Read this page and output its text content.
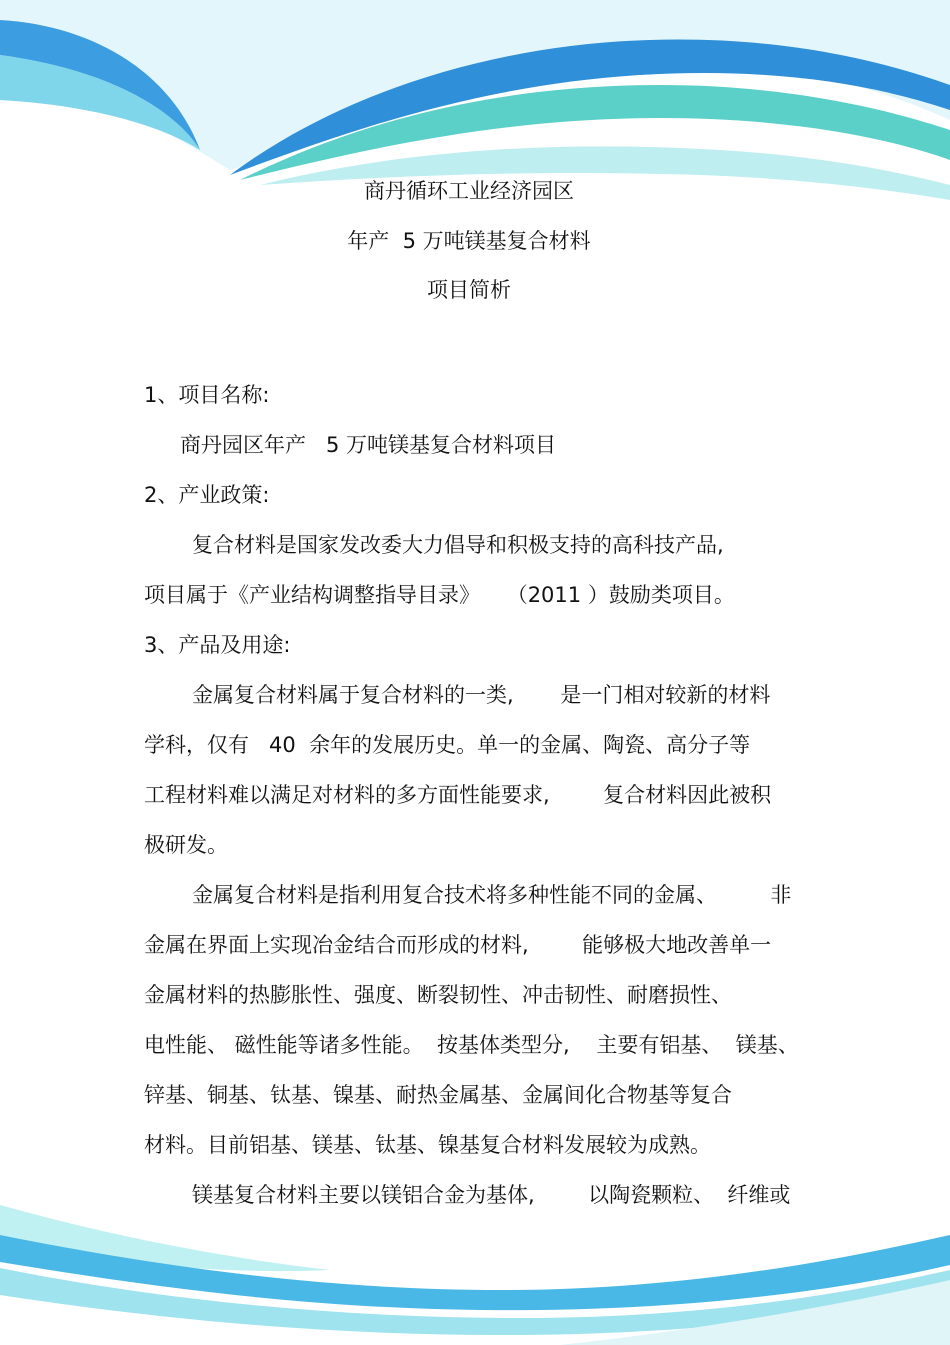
商丹循环工业经济园区
年产  5 万吨镁基复合材料
项目简析
1、项目名称:
商丹园区年产   5 万吨镁基复合材料项目
2、产业政策:
复合材料是国家发改委大力倡导和积极支持的高科技产品,
项目属于《产业结构调整指导目录》    （2011 ）鼓励类项目。
3、产品及用途:
金属复合材料属于复合材料的一类,       是一门相对较新的材料
学科，仅有   40  余年的发展历史。单一的金属、陶瓷、高分子等
工程材料难以满足对材料的多方面性能要求,        复合材料因此被积
极研发。
金属复合材料是指利用复合技术将多种性能不同的金属、        非
金属在界面上实现冶金结合而形成的材料,        能够极大地改善单一
金属材料的热膨胀性、强度、断裂韧性、冲击韧性、耐磨损性、
电性能、 磁性能等诸多性能。  按基体类型分,    主要有铝基、  镁基、
锌基、铜基、钛基、镍基、耐热金属基、金属间化合物基等复合
材料。目前铝基、镁基、钛基、镍基复合材料发展较为成熟。
镁基复合材料主要以镁铝合金为基体,        以陶瓷颗粒、  纤维或
